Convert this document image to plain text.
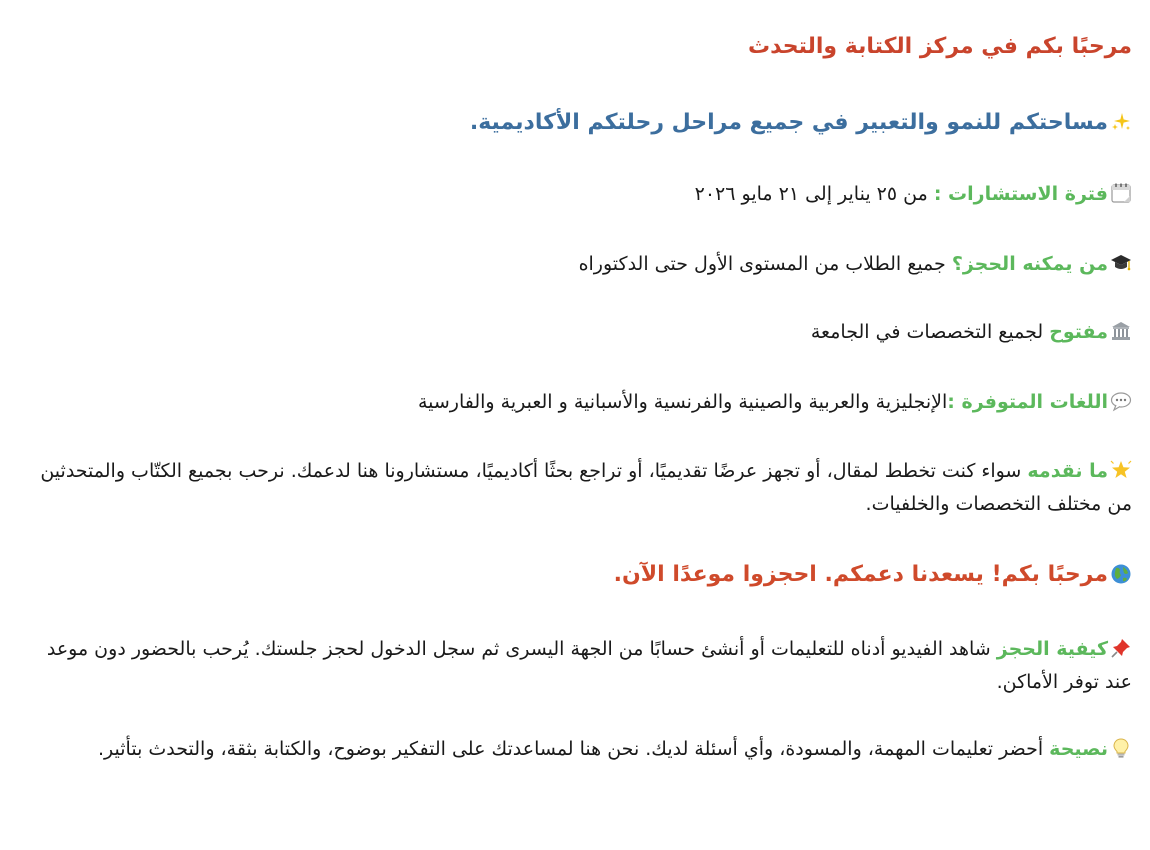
مرحبًا بكم في مركز الكتابة والتحدث
مساحتكم للنمو والتعبير في جميع مراحل رحلتكم الأكاديمية.
فترة الاستشارات : من ٢٥ يناير إلى ٢١ مايو ٢٠٢٦
من يمكنه الحجز؟ جميع الطلاب من المستوى الأول حتى الدكتوراه
مفتوح لجميع التخصصات في الجامعة
اللغات المتوفرة :الإنجليزية والعربية والصينية والفرنسية والأسبانية و العبرية والفارسية
ما نقدمه سواء كنت تخطط لمقال، أو تجهز عرضًا تقديميًا، أو تراجع بحثًا أكاديميًا، مستشارونا هنا لدعمك. نرحب بجميع الكتّاب والمتحدثين من مختلف التخصصات والخلفيات.
مرحبًا بكم! يسعدنا دعمكم. احجزوا موعدًا الآن.
كيفية الحجز شاهد الفيديو أدناه للتعليمات أو أنشئ حسابًا من الجهة اليسرى ثم سجل الدخول لحجز جلستك. يُرحب بالحضور دون موعد عند توفر الأماكن.
نصيحة أحضر تعليمات المهمة، والمسودة، وأي أسئلة لديك. نحن هنا لمساعدتك على التفكير بوضوح، والكتابة بثقة، والتحدث بتأثير.
